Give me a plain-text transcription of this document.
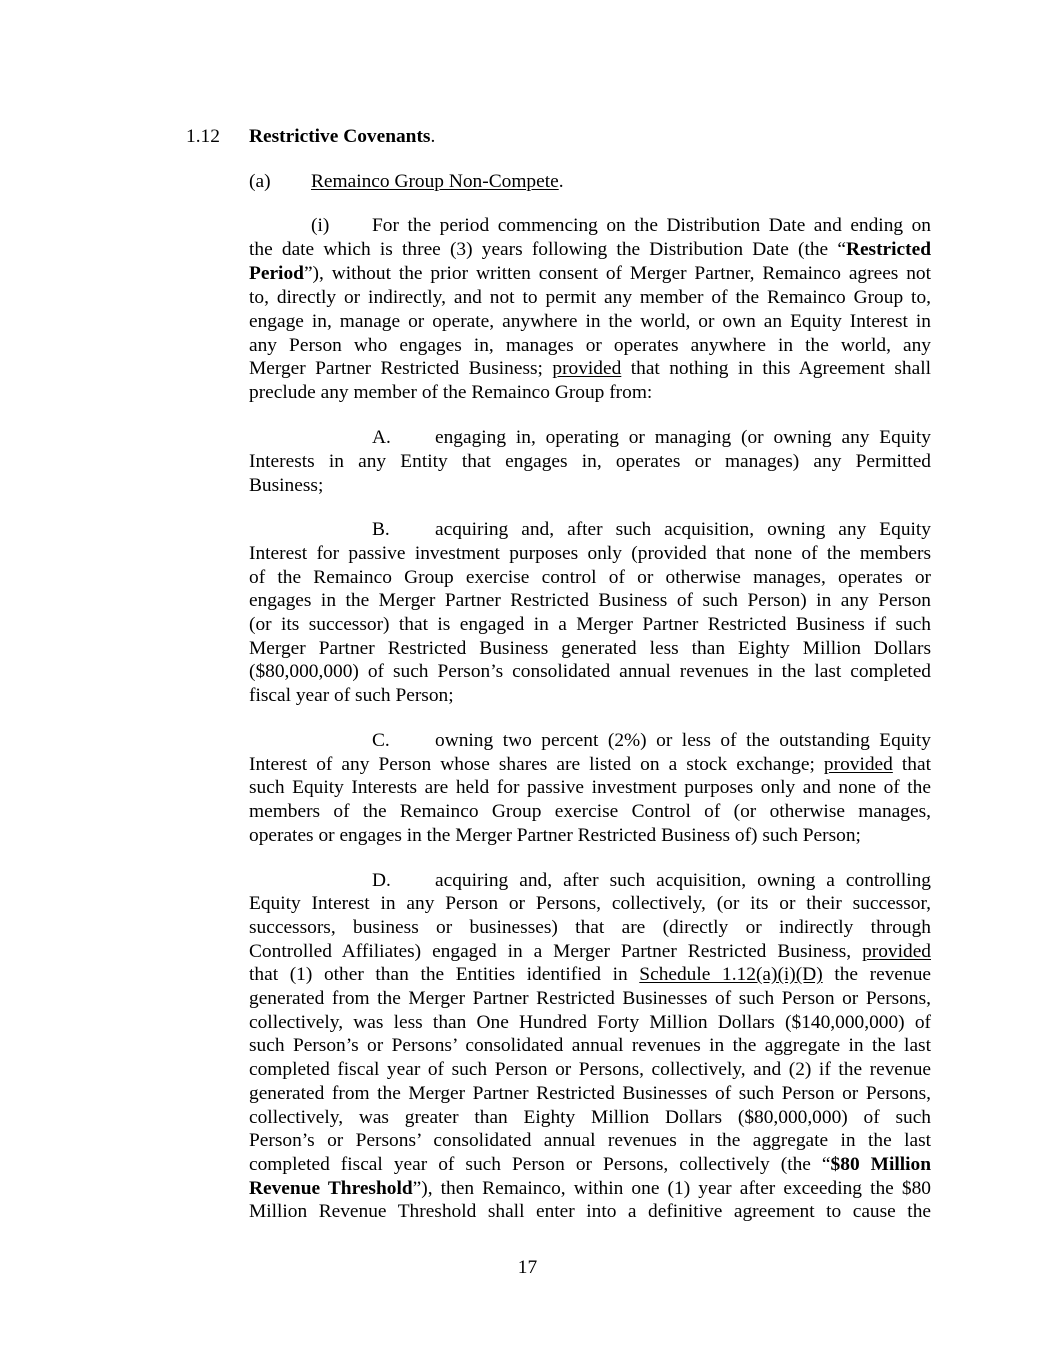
1.12 Restrictive Covenants.
(a) Remainco Group Non-Compete.
(i) For the period commencing on the Distribution Date and ending on
the date which is three (3) years following the Distribution Date (the “Restricted
Period”), without the prior written consent of Merger Partner, Remainco agrees not
to, directly or indirectly, and not to permit any member of the Remainco Group to,
engage in, manage or operate, anywhere in the world, or own an Equity Interest in
any Person who engages in, manages or operates anywhere in the world, any
Merger Partner Restricted Business; provided that nothing in this Agreement shall
preclude any member of the Remainco Group from:
A. engaging in, operating or managing (or owning any Equity
Interests in any Entity that engages in, operates or manages) any Permitted
Business;
B. acquiring and, after such acquisition, owning any Equity
Interest for passive investment purposes only (provided that none of the members
of the Remainco Group exercise control of or otherwise manages, operates or
engages in the Merger Partner Restricted Business of such Person) in any Person
(or its successor) that is engaged in a Merger Partner Restricted Business if such
Merger Partner Restricted Business generated less than Eighty Million Dollars
($80,000,000) of such Person’s consolidated annual revenues in the last completed
fiscal year of such Person;
C. owning two percent (2%) or less of the outstanding Equity
Interest of any Person whose shares are listed on a stock exchange; provided that
such Equity Interests are held for passive investment purposes only and none of the
members of the Remainco Group exercise Control of (or otherwise manages,
operates or engages in the Merger Partner Restricted Business of) such Person;
D. acquiring and, after such acquisition, owning a controlling
Equity Interest in any Person or Persons, collectively, (or its or their successor,
successors, business or businesses) that are (directly or indirectly through
Controlled Affiliates) engaged in a Merger Partner Restricted Business, provided
that (1) other than the Entities identified in Schedule 1.12(a)(i)(D) the revenue
generated from the Merger Partner Restricted Businesses of such Person or Persons,
collectively, was less than One Hundred Forty Million Dollars ($140,000,000) of
such Person’s or Persons’ consolidated annual revenues in the aggregate in the last
completed fiscal year of such Person or Persons, collectively, and (2) if the revenue
generated from the Merger Partner Restricted Businesses of such Person or Persons,
collectively, was greater than Eighty Million Dollars ($80,000,000) of such
Person’s or Persons’ consolidated annual revenues in the aggregate in the last
completed fiscal year of such Person or Persons, collectively (the “$80 Million
Revenue Threshold”), then Remainco, within one (1) year after exceeding the $80
Million Revenue Threshold shall enter into a definitive agreement to cause the
17
